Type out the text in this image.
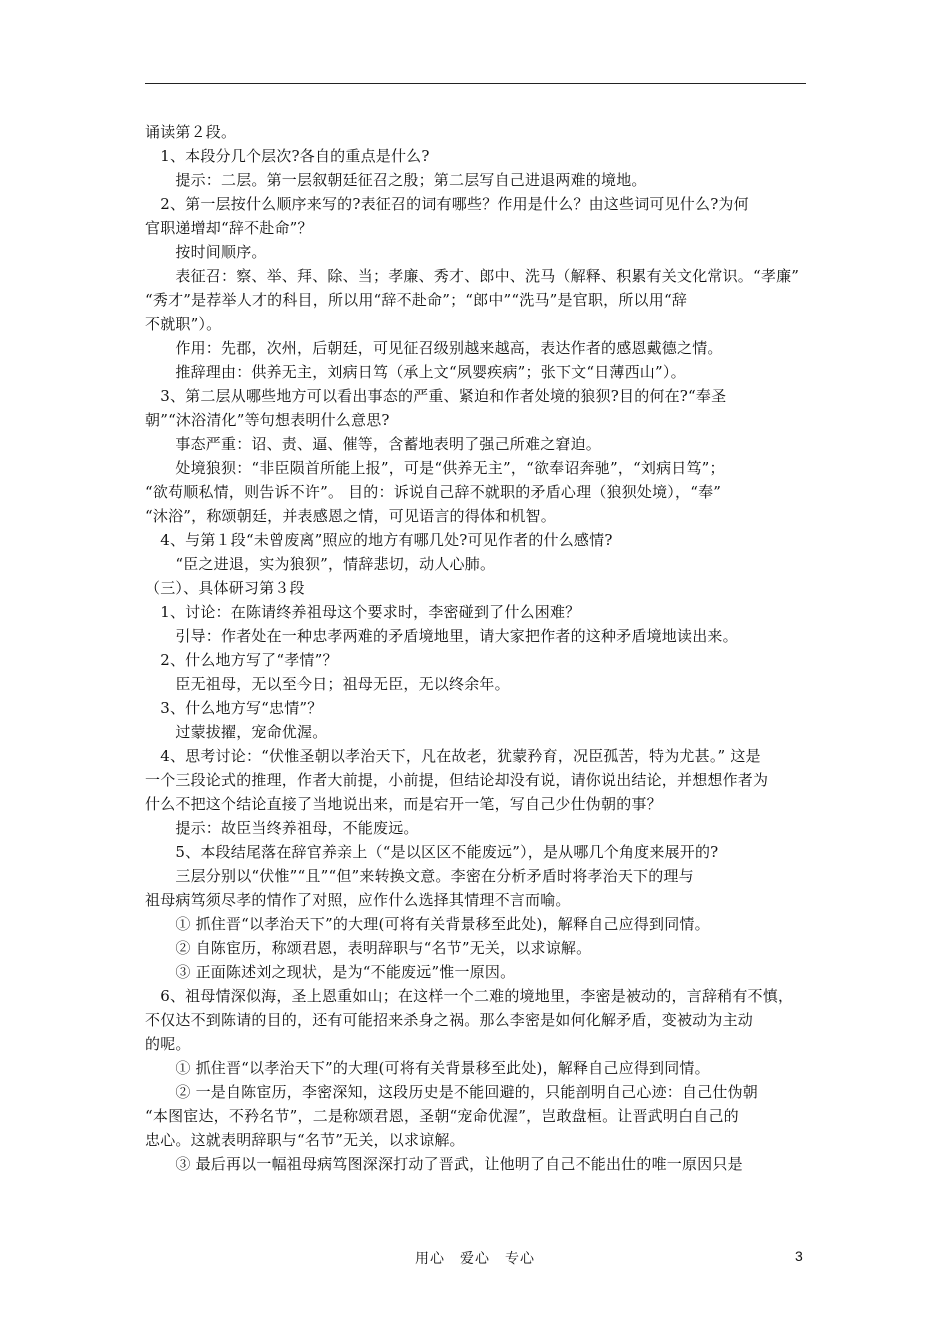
诵读第２段。
　1、本段分几个层次?各自的重点是什么?
　　提示：二层。第一层叙朝廷征召之殷；第二层写自己进退两难的境地。
　2、第一层按什么顺序来写的?表征召的词有哪些？作用是什么？由这些词可见什么?为何
官职递增却“辞不赴命”？
　　按时间顺序。
　　表征召：察、举、拜、除、当；孝廉、秀才、郎中、洗马（解释、积累有关文化常识。“孝廉”
“秀才”是荐举人才的科目，所以用“辞不赴命”；“郎中”“洗马”是官职，所以用“辞
不就职”）。
　　作用：先郡，次州，后朝廷，可见征召级别越来越高，表达作者的感恩戴德之情。
　　推辞理由：供养无主，刘病日笃（承上文“夙婴疾病”；张下文“日薄西山”）。
　3、第二层从哪些地方可以看出事态的严重、紧迫和作者处境的狼狈?目的何在?“奉圣
朝”“沐浴清化”等句想表明什么意思?
　　事态严重：诏、责、逼、催等，含蓄地表明了强己所难之窘迫。
　　处境狼狈：“非臣陨首所能上报”，可是“供养无主”，“欲奉诏奔驰”，“刘病日笃”；
“欲苟顺私情，则告诉不许”。 目的：诉说自己辞不就职的矛盾心理（狼狈处境），“奉”
“沐浴”，称颂朝廷，并表感恩之情，可见语言的得体和机智。
　4、与第１段“未曾废离”照应的地方有哪几处?可见作者的什么感情?
　　“臣之进退，实为狼狈”，情辞悲切，动人心肺。
（三）、具体研习第３段
　1、讨论：在陈请终养祖母这个要求时，李密碰到了什么困难？
　　引导：作者处在一种忠孝两难的矛盾境地里，请大家把作者的这种矛盾境地读出来。
　2、什么地方写了“孝情”？
　　臣无祖母，无以至今日；祖母无臣，无以终余年。
　3、什么地方写“忠情”？
　　过蒙拔擢，宠命优渥。
　4、思考讨论：“伏惟圣朝以孝治天下，凡在故老，犹蒙矜育，况臣孤苦，特为尤甚。” 这是
一个三段论式的推理，作者大前提，小前提，但结论却没有说，请你说出结论，并想想作者为
什么不把这个结论直接了当地说出来，而是宕开一笔，写自己少仕伪朝的事？
　　提示：故臣当终养祖母，不能废远。
　　5、本段结尾落在辞官养亲上（“是以区区不能废远”），是从哪几个角度来展开的?
　　三层分别以“伏惟”“且”“但”来转换文意。李密在分析矛盾时将孝治天下的理与
祖母病笃须尽孝的情作了对照，应作什么选择其情理不言而喻。
　　① 抓住晋“以孝治天下”的大理(可将有关背景移至此处)，解释自己应得到同情。
　　② 自陈宦历，称颂君恩，表明辞职与“名节”无关，以求谅解。
　　③ 正面陈述刘之现状，是为“不能废远”惟一原因。
　6、祖母情深似海，圣上恩重如山；在这样一个二难的境地里，李密是被动的，言辞稍有不慎，
不仅达不到陈请的目的，还有可能招来杀身之祸。那么李密是如何化解矛盾，变被动为主动
的呢。
　　① 抓住晋“以孝治天下”的大理(可将有关背景移至此处)，解释自己应得到同情。
　　② 一是自陈宦历，李密深知，这段历史是不能回避的，只能剖明自己心迹：自己仕伪朝
“本图宦达，不矜名节”，二是称颂君恩，圣朝“宠命优渥”，岂敢盘桓。让晋武明白自己的
忠心。这就表明辞职与“名节”无关，以求谅解。
　　③ 最后再以一幅祖母病笃图深深打动了晋武，让他明了自己不能出仕的唯一原因只是
用心　爱心　专心	3
